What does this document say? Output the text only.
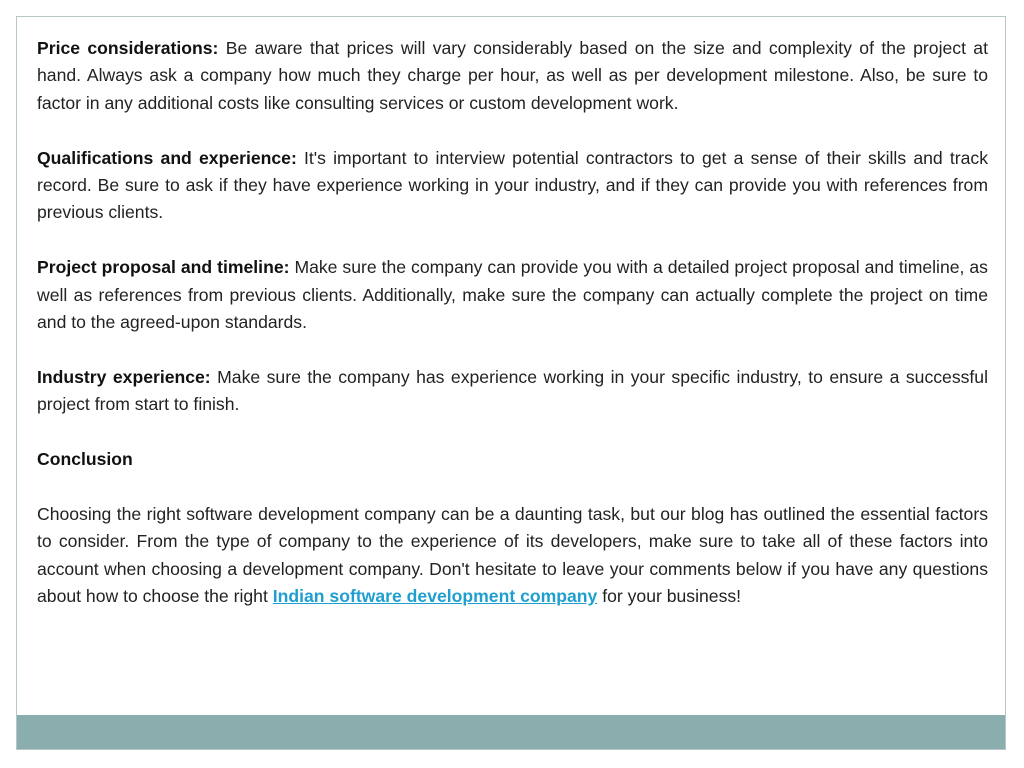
Price considerations: Be aware that prices will vary considerably based on the size and complexity of the project at hand. Always ask a company how much they charge per hour, as well as per development milestone. Also, be sure to factor in any additional costs like consulting services or custom development work.

Qualifications and experience: It's important to interview potential contractors to get a sense of their skills and track record. Be sure to ask if they have experience working in your industry, and if they can provide you with references from previous clients.

Project proposal and timeline: Make sure the company can provide you with a detailed project proposal and timeline, as well as references from previous clients. Additionally, make sure the company can actually complete the project on time and to the agreed-upon standards.

Industry experience: Make sure the company has experience working in your specific industry, to ensure a successful project from start to finish.

Conclusion

Choosing the right software development company can be a daunting task, but our blog has outlined the essential factors to consider. From the type of company to the experience of its developers, make sure to take all of these factors into account when choosing a development company. Don't hesitate to leave your comments below if you have any questions about how to choose the right Indian software development company for your business!
